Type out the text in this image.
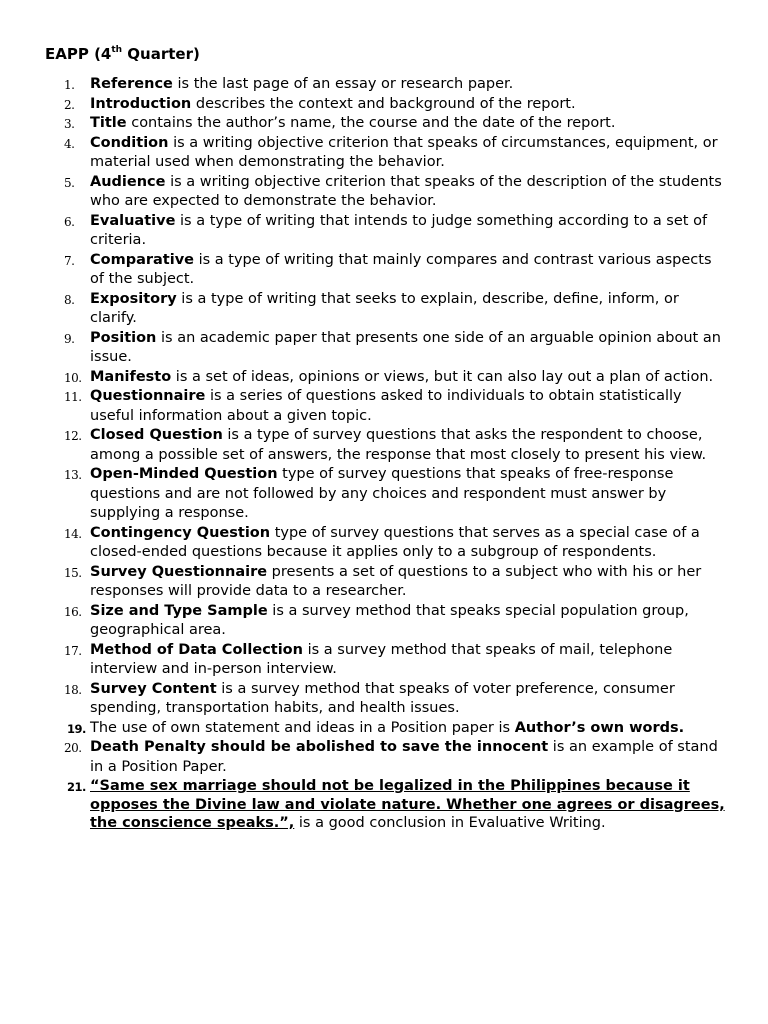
EAPP (4th Quarter)
1.	Reference is the last page of an essay or research paper.
2.	Introduction describes the context and background of the report.
3.	Title contains the author’s name, the course and the date of the report.
4.	Condition is a writing objective criterion that speaks of circumstances, equipment, or material used when demonstrating the behavior.
5.	Audience is a writing objective criterion that speaks of the description of the students who are expected to demonstrate the behavior.
6.	Evaluative is a type of writing that intends to judge something according to a set of criteria.
7.	Comparative is a type of writing that mainly compares and contrast various aspects of the subject.
8.	Expository is a type of writing that seeks to explain, describe, define, inform, or clarify.
9.	Position is an academic paper that presents one side of an arguable opinion about an issue.
10. Manifesto is a set of ideas, opinions or views, but it can also lay out a plan of action.
11. Questionnaire is a series of questions asked to individuals to obtain statistically useful information about a given topic.
12. Closed Question is a type of survey questions that asks the respondent to choose, among a possible set of answers, the response that most closely to present his view.
13. Open-Minded Question type of survey questions that speaks of free-response questions and are not followed by any choices and respondent must answer by supplying a response.
14. Contingency Question type of survey questions that serves as a special case of a closed-ended questions because it applies only to a subgroup of respondents.
15. Survey Questionnaire presents a set of questions to a subject who with his or her responses will provide data to a researcher.
16. Size and Type Sample is a survey method that speaks special population group, geographical area.
17. Method of Data Collection is a survey method that speaks of mail, telephone interview and in-person interview.
18. Survey Content is a survey method that speaks of voter preference, consumer spending, transportation habits, and health issues.
19. The use of own statement and ideas in a Position paper is Author’s own words.
20. Death Penalty should be abolished to save the innocent is an example of stand in a Position Paper.
21. “Same sex marriage should not be legalized in the Philippines because it opposes the Divine law and violate nature. Whether one agrees or disagrees, the conscience speaks.”, is a good conclusion in Evaluative Writing.
